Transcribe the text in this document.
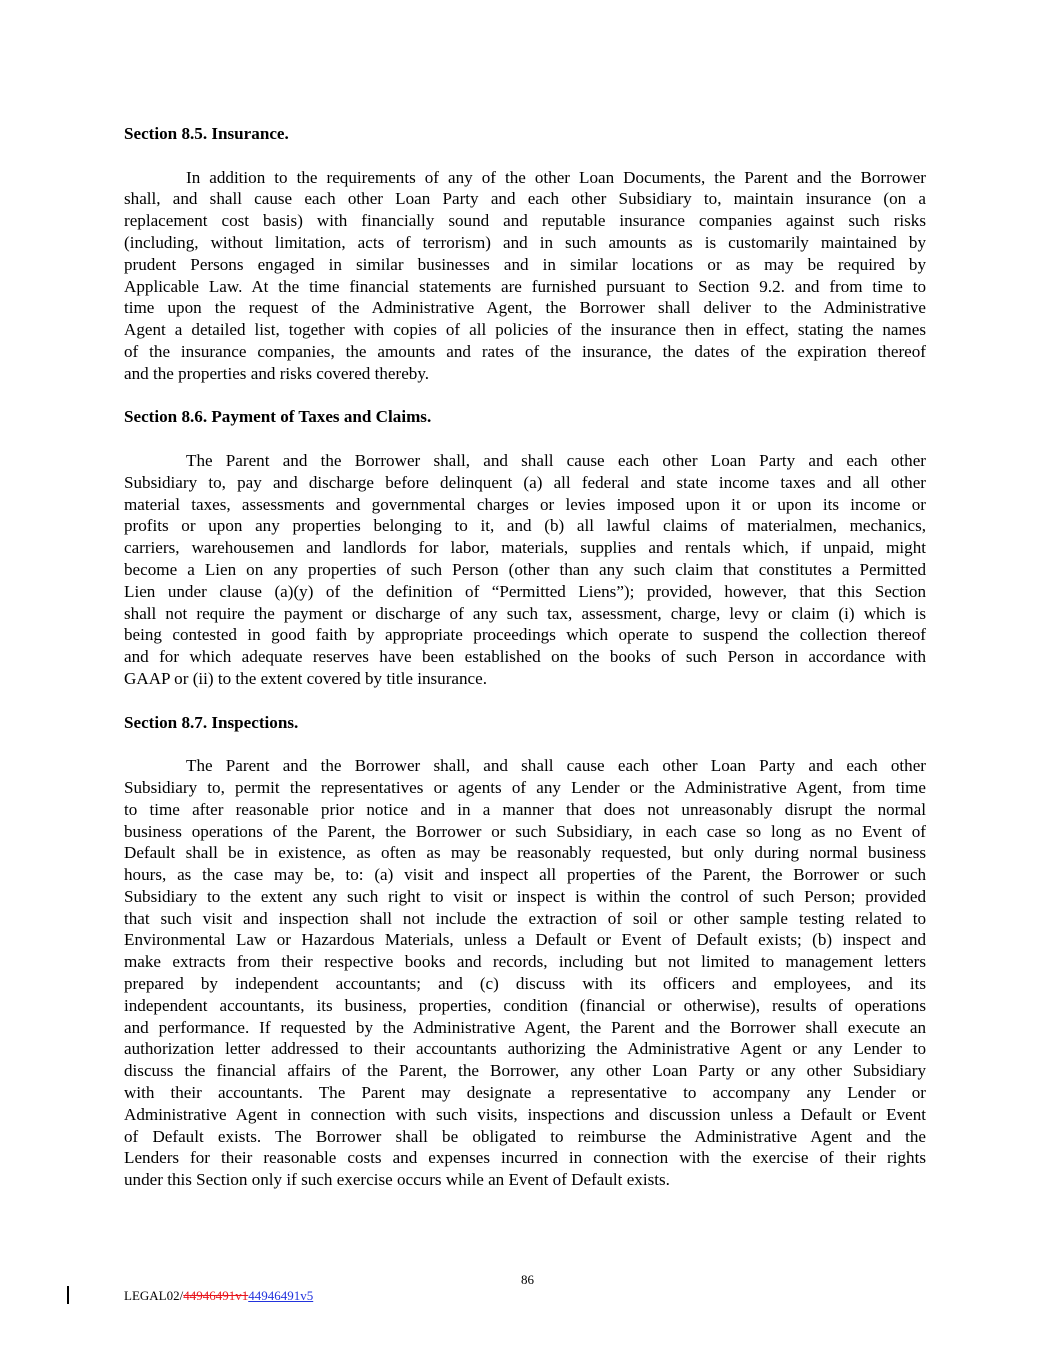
Section 8.5. Insurance.
In addition to the requirements of any of the other Loan Documents, the Parent and the Borrower
shall, and shall cause each other Loan Party and each other Subsidiary to, maintain insurance (on a
replacement cost basis) with financially sound and reputable insurance companies against such risks
(including, without limitation, acts of terrorism) and in such amounts as is customarily maintained by
prudent Persons engaged in similar businesses and in similar locations or as may be required by
Applicable Law. At the time financial statements are furnished pursuant to Section 9.2. and from time to
time upon the request of the Administrative Agent, the Borrower shall deliver to the Administrative
Agent a detailed list, together with copies of all policies of the insurance then in effect, stating the names
of the insurance companies, the amounts and rates of the insurance, the dates of the expiration thereof
and the properties and risks covered thereby.
Section 8.6. Payment of Taxes and Claims.
The Parent and the Borrower shall, and shall cause each other Loan Party and each other
Subsidiary to, pay and discharge before delinquent (a) all federal and state income taxes and all other
material taxes, assessments and governmental charges or levies imposed upon it or upon its income or
profits or upon any properties belonging to it, and (b) all lawful claims of materialmen, mechanics,
carriers, warehousemen and landlords for labor, materials, supplies and rentals which, if unpaid, might
become a Lien on any properties of such Person (other than any such claim that constitutes a Permitted
Lien under clause (a)(y) of the definition of “Permitted Liens”); provided, however, that this Section
shall not require the payment or discharge of any such tax, assessment, charge, levy or claim (i) which is
being contested in good faith by appropriate proceedings which operate to suspend the collection thereof
and for which adequate reserves have been established on the books of such Person in accordance with
GAAP or (ii) to the extent covered by title insurance.
Section 8.7. Inspections.
The Parent and the Borrower shall, and shall cause each other Loan Party and each other
Subsidiary to, permit the representatives or agents of any Lender or the Administrative Agent, from time
to time after reasonable prior notice and in a manner that does not unreasonably disrupt the normal
business operations of the Parent, the Borrower or such Subsidiary, in each case so long as no Event of
Default shall be in existence, as often as may be reasonably requested, but only during normal business
hours, as the case may be, to: (a) visit and inspect all properties of the Parent, the Borrower or such
Subsidiary to the extent any such right to visit or inspect is within the control of such Person; provided
that such visit and inspection shall not include the extraction of soil or other sample testing related to
Environmental Law or Hazardous Materials, unless a Default or Event of Default exists; (b) inspect and
make extracts from their respective books and records, including but not limited to management letters
prepared by independent accountants; and (c) discuss with its officers and employees, and its
independent accountants, its business, properties, condition (financial or otherwise), results of operations
and performance. If requested by the Administrative Agent, the Parent and the Borrower shall execute an
authorization letter addressed to their accountants authorizing the Administrative Agent or any Lender to
discuss the financial affairs of the Parent, the Borrower, any other Loan Party or any other Subsidiary
with their accountants. The Parent may designate a representative to accompany any Lender or
Administrative Agent in connection with such visits, inspections and discussion unless a Default or Event
of Default exists. The Borrower shall be obligated to reimburse the Administrative Agent and the
Lenders for their reasonable costs and expenses incurred in connection with the exercise of their rights
under this Section only if such exercise occurs while an Event of Default exists.
86
LEGAL02/44946491v144946491v5
